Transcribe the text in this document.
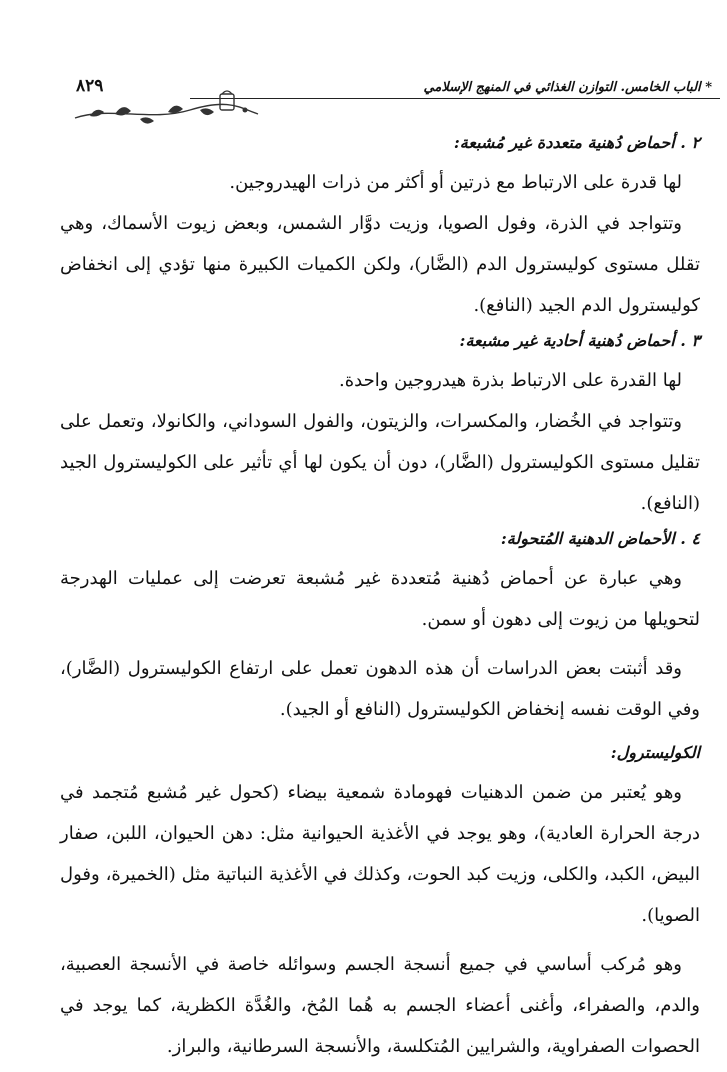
* الباب الخامس. التوازن الغذائي في المنهج الإسلامي
٨٢٩
٢ . أحماض دُهنية متعددة غير مُشبعة:

لها قدرة على الارتباط مع ذرتين أو أكثر من ذرات الهيدروجين.

وتتواجد في الذرة، وفول الصويا، وزيت دوَّار الشمس، وبعض زيوت الأسماك، وهي تقلل مستوى كوليسترول الدم (الضَّار)، ولكن الكميات الكبيرة منها تؤدي إلى انخفاض كوليسترول الدم الجيد (النافع).

٣ . أحماض دُهنية أحادية غير مشبعة:

لها القدرة على الارتباط بذرة هيدروجين واحدة.

وتتواجد في الخُضار، والمكسرات، والزيتون، والفول السوداني، والكانولا، وتعمل على تقليل مستوى الكوليسترول (الضَّار)، دون أن يكون لها أي تأثير على الكوليسترول الجيد (النافع).

٤ . الأحماض الدهنية المُتحولة:

وهي عبارة عن أحماض دُهنية مُتعددة غير مُشبعة تعرضت إلى عمليات الهدرجة لتحويلها من زيوت إلى دهون أو سمن.

وقد أثبتت بعض الدراسات أن هذه الدهون تعمل على ارتفاع الكوليسترول (الضَّار)، وفي الوقت نفسه إنخفاض الكوليسترول (النافع أو الجيد).

الكوليسترول:

وهو يُعتبر من ضمن الدهنيات فهومادة شمعية بيضاء (كحول غير مُشبع مُتجمد في درجة الحرارة العادية)، وهو يوجد في الأغذية الحيوانية مثل: دهن الحيوان، اللبن، صفار البيض، الكبد، والكلى، وزيت كبد الحوت، وكذلك في الأغذية النباتية مثل (الخميرة، وفول الصويا).

وهو مُركب أساسي في جميع أنسجة الجسم وسوائله خاصة في الأنسجة العصبية، والدم، والصفراء، وأغنى أعضاء الجسم به هُما المُخ، والغُدَّة الكظرية، كما يوجد في الحصوات الصفراوية، والشرايين المُتكلسة، والأنسجة السرطانية، والبراز.
